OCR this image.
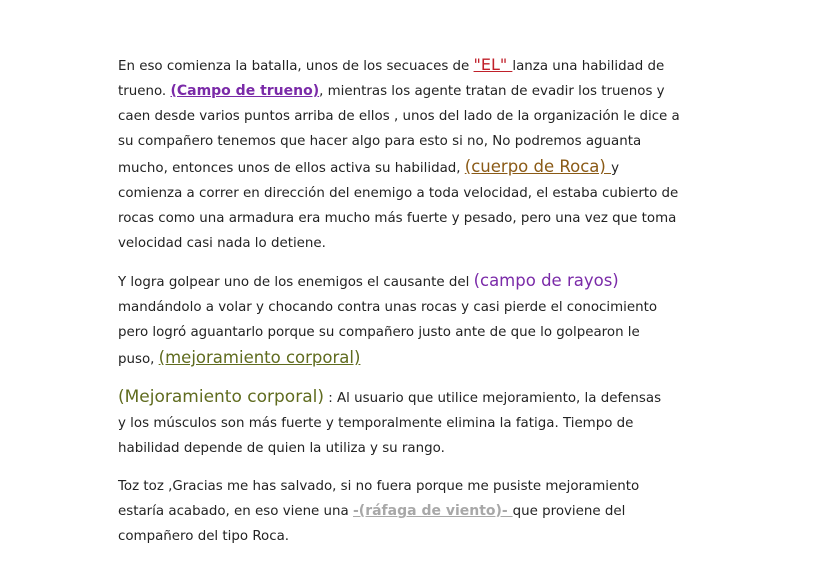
En eso comienza la batalla, unos de los secuaces de "EL" lanza una habilidad de
trueno. (Campo de trueno), mientras los agente tratan de evadir los truenos y
caen desde varios puntos arriba de ellos , unos del lado de la organización le dice a
su compañero tenemos que hacer algo para esto si no, No podremos aguanta
mucho, entonces unos de ellos activa su habilidad, (cuerpo de Roca) y
comienza a correr en dirección del enemigo a toda velocidad, el estaba cubierto de
rocas como una armadura era mucho más fuerte y pesado, pero una vez que toma
velocidad casi nada lo detiene.

Y logra golpear uno de los enemigos el causante del (campo de rayos)
mandándolo a volar y chocando contra unas rocas y casi pierde el conocimiento
pero logró aguantarlo porque su compañero justo ante de que lo golpearon le
puso, (mejoramiento corporal)

(Mejoramiento corporal) : Al usuario que utilice mejoramiento, la defensas
y los músculos son más fuerte y temporalmente elimina la fatiga. Tiempo de
habilidad depende de quien la utiliza y su rango.

Toz toz ,Gracias me has salvado, si no fuera porque me pusiste mejoramiento
estaría acabado, en eso viene una -(ráfaga de viento)- que proviene del
compañero del tipo Roca.
